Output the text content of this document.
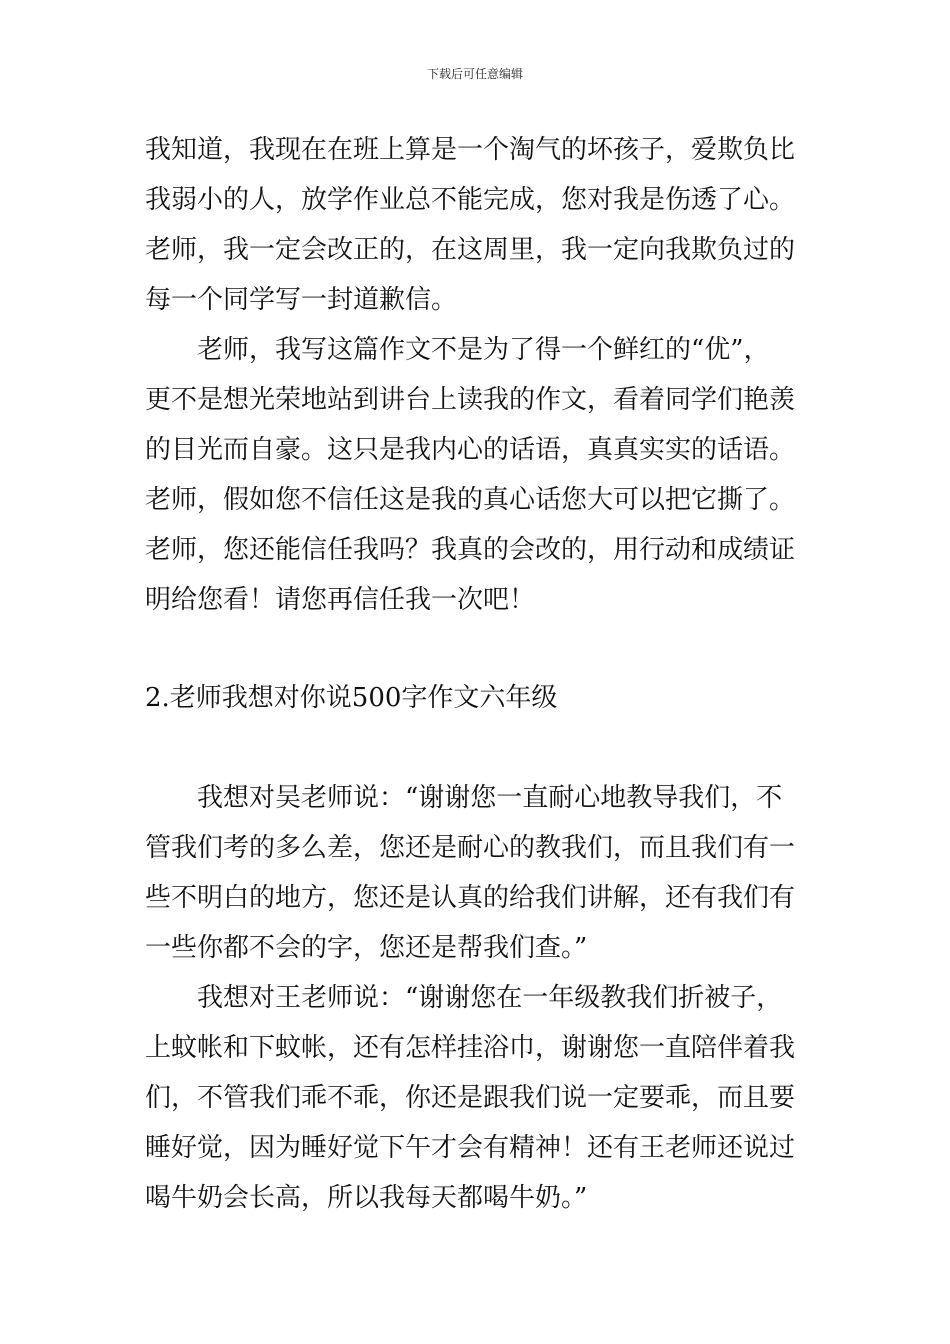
下载后可任意编辑

我知道，我现在在班上算是一个淘气的坏孩子，爱欺负比
我弱小的人，放学作业总不能完成，您对我是伤透了心。
老师，我一定会改正的，在这周里，我一定向我欺负过的
每一个同学写一封道歉信。

老师，我写这篇作文不是为了得一个鲜红的“优”，
更不是想光荣地站到讲台上读我的作文，看着同学们艳羡
的目光而自豪。这只是我内心的话语，真真实实的话语。
老师，假如您不信任这是我的真心话您大可以把它撕了。
老师，您还能信任我吗？我真的会改的，用行动和成绩证
明给您看！请您再信任我一次吧！

2.老师我想对你说500字作文六年级

我想对吴老师说：“谢谢您一直耐心地教导我们，不
管我们考的多么差，您还是耐心的教我们，而且我们有一
些不明白的地方，您还是认真的给我们讲解，还有我们有
一些你都不会的字，您还是帮我们查。”

我想对王老师说：“谢谢您在一年级教我们折被子，
上蚊帐和下蚊帐，还有怎样挂浴巾，谢谢您一直陪伴着我
们，不管我们乖不乖，你还是跟我们说一定要乖，而且要
睡好觉，因为睡好觉下午才会有精神！还有王老师还说过
喝牛奶会长高，所以我每天都喝牛奶。”
